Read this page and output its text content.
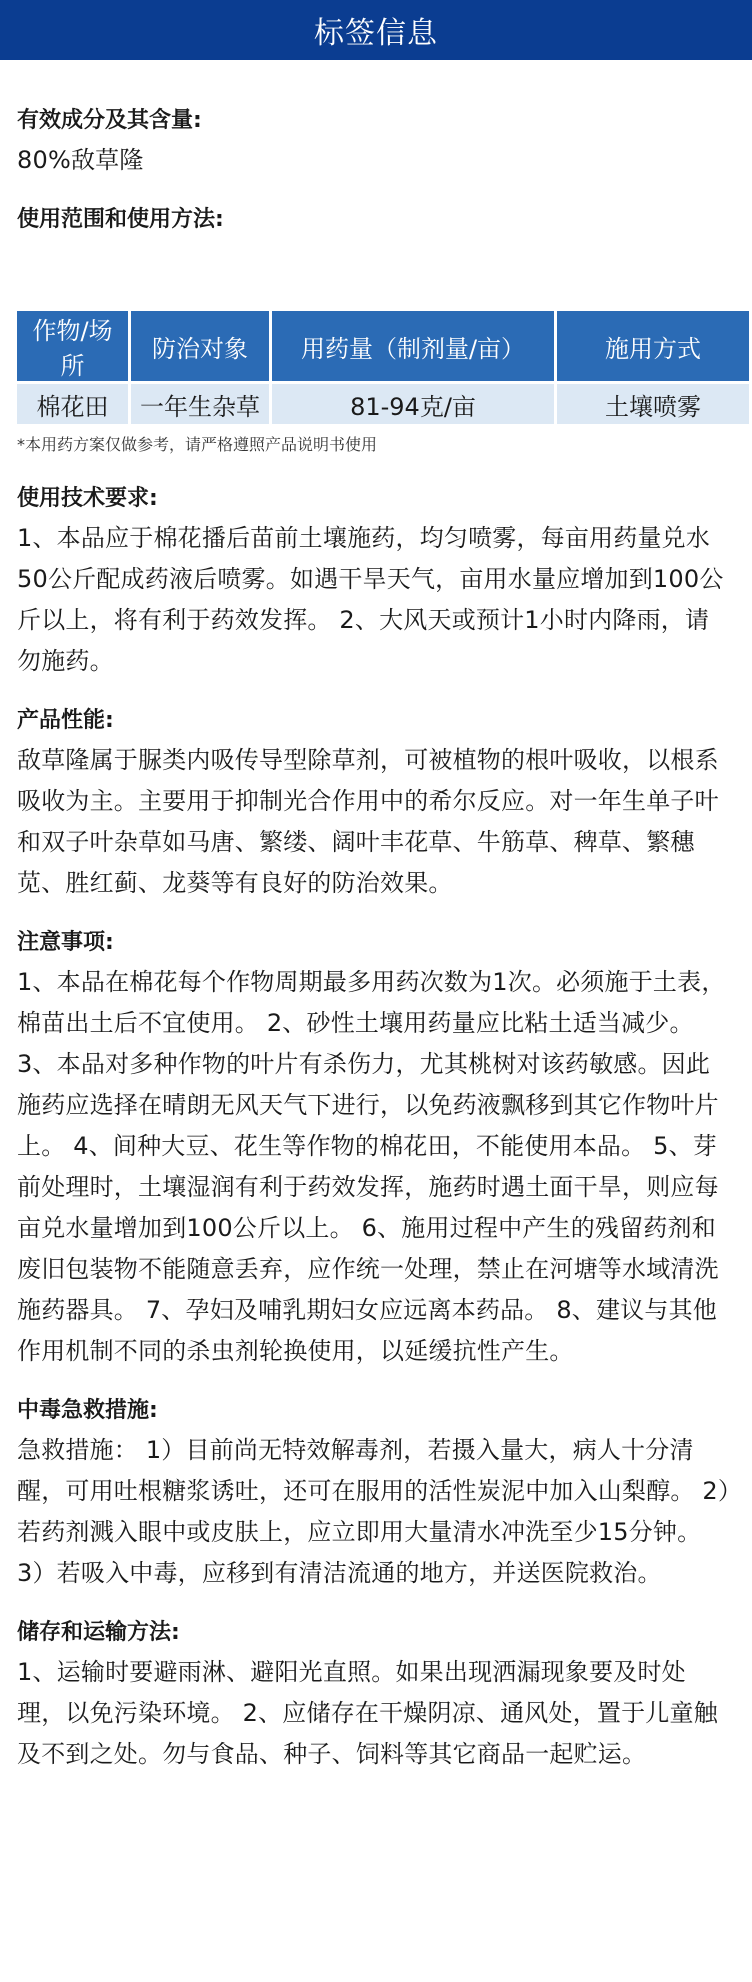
标签信息
有效成分及其含量:
80%敌草隆
使用范围和使用方法:
作物/场所	防治对象	用药量（制剂量/亩）	施用方式
棉花田	一年生杂草	81-94克/亩	土壤喷雾
*本用药方案仅做参考，请严格遵照产品说明书使用
使用技术要求:
1、本品应于棉花播后苗前土壤施药，均匀喷雾，每亩用药量兑水50公斤配成药液后喷雾。如遇干旱天气，亩用水量应增加到100公斤以上，将有利于药效发挥。 2、大风天或预计1小时内降雨，请勿施药。
产品性能:
敌草隆属于脲类内吸传导型除草剂，可被植物的根叶吸收，以根系吸收为主。主要用于抑制光合作用中的希尔反应。对一年生单子叶和双子叶杂草如马唐、繁缕、阔叶丰花草、牛筋草、稗草、繁穗苋、胜红蓟、龙葵等有良好的防治效果。
注意事项:
1、本品在棉花每个作物周期最多用药次数为1次。必须施于土表，棉苗出土后不宜使用。 2、砂性土壤用药量应比粘土适当减少。 3、本品对多种作物的叶片有杀伤力，尤其桃树对该药敏感。因此施药应选择在晴朗无风天气下进行，以免药液飘移到其它作物叶片上。 4、间种大豆、花生等作物的棉花田，不能使用本品。 5、芽前处理时，土壤湿润有利于药效发挥，施药时遇土面干旱，则应每亩兑水量增加到100公斤以上。 6、施用过程中产生的残留药剂和废旧包装物不能随意丢弃，应作统一处理，禁止在河塘等水域清洗施药器具。 7、孕妇及哺乳期妇女应远离本药品。 8、建议与其他作用机制不同的杀虫剂轮换使用，以延缓抗性产生。
中毒急救措施:
急救措施： 1）目前尚无特效解毒剂，若摄入量大，病人十分清醒，可用吐根糖浆诱吐，还可在服用的活性炭泥中加入山梨醇。 2）若药剂溅入眼中或皮肤上，应立即用大量清水冲洗至少15分钟。 3）若吸入中毒，应移到有清洁流通的地方，并送医院救治。
储存和运输方法:
1、运输时要避雨淋、避阳光直照。如果出现洒漏现象要及时处理，以免污染环境。 2、应储存在干燥阴凉、通风处，置于儿童触及不到之处。勿与食品、种子、饲料等其它商品一起贮运。
